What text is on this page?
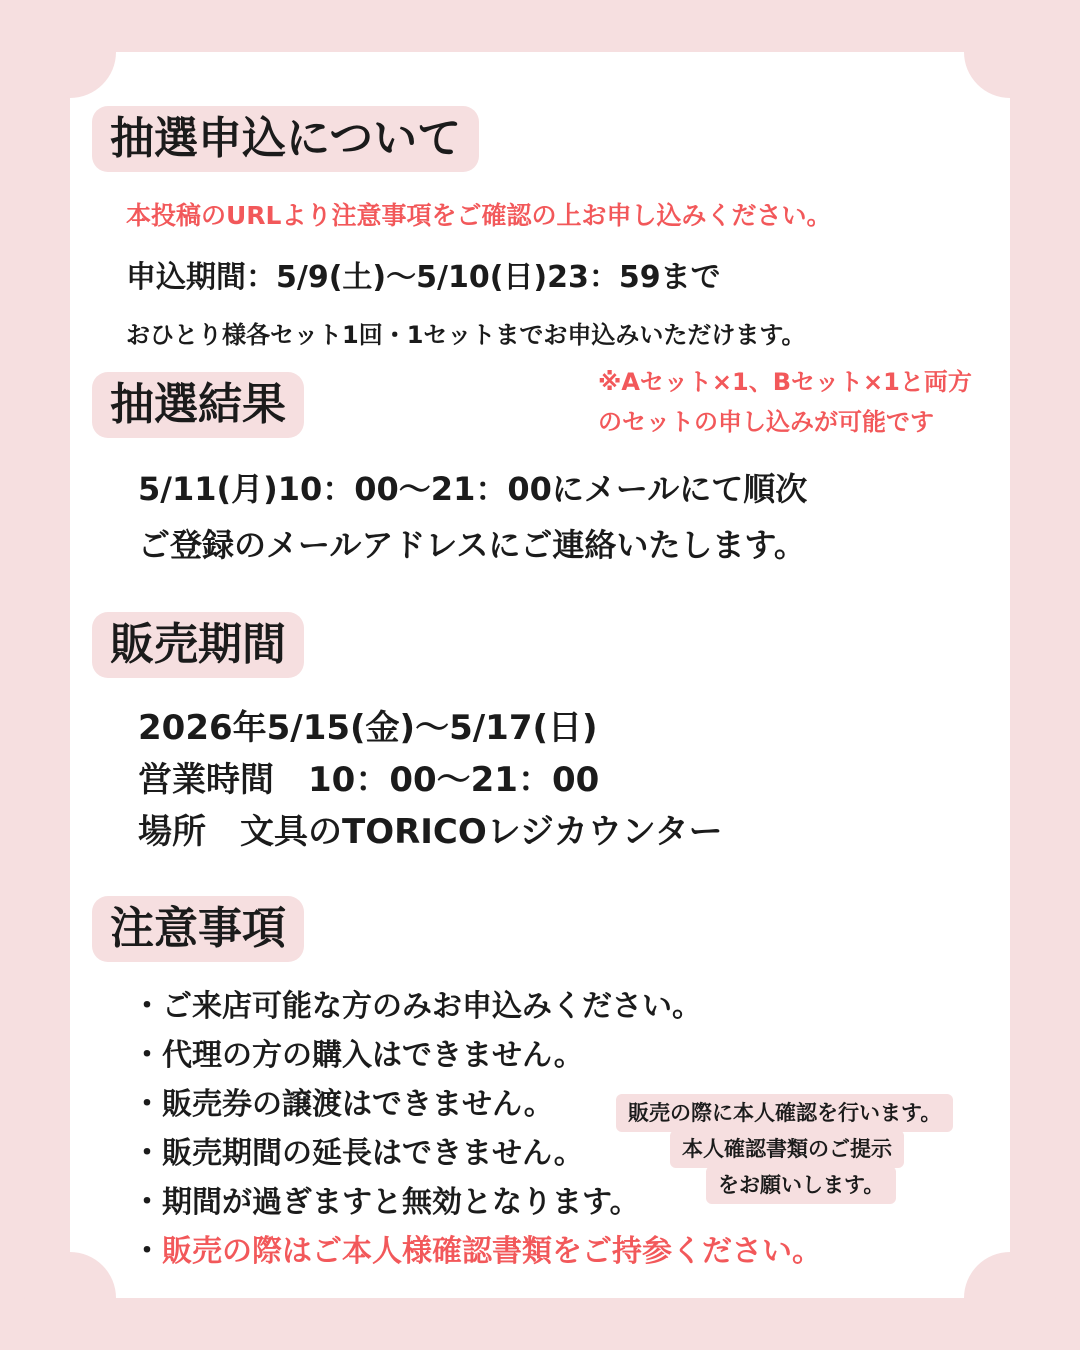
抽選申込について
本投稿のURLより注意事項をご確認の上お申し込みください。
申込期間：5/9(土)〜5/10(日)23：59まで
おひとり様各セット1回・1セットまでお申込みいただけます。
※Aセット×1、Bセット×1と両方
のセットの申し込みが可能です
抽選結果
5/11(月)10：00〜21：00にメールにて順次
ご登録のメールアドレスにご連絡いたします。
販売期間
2026年5/15(金)〜5/17(日)
営業時間　10：00〜21：00
場所　文具のTORICOレジカウンター
注意事項
・ご来店可能な方のみお申込みください。
・代理の方の購入はできません。
・販売券の譲渡はできません。
・販売期間の延長はできません。
・期間が過ぎますと無効となります。
・販売の際はご本人様確認書類をご持参ください。
販売の際に本人確認を行います。
本人確認書類のご提示
をお願いします。
